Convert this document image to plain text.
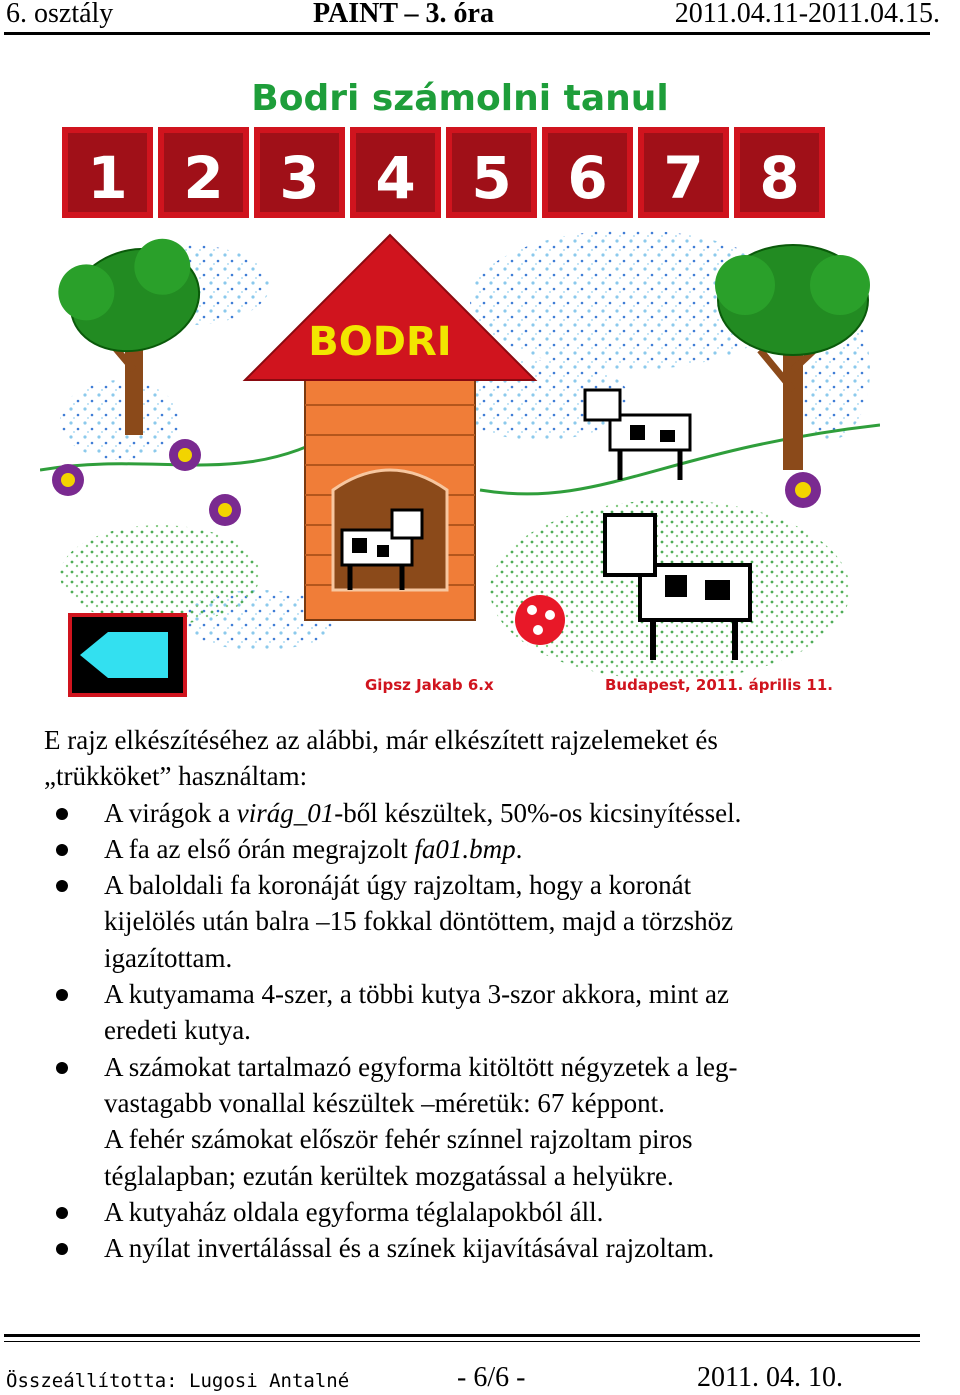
6. osztály	PAINT – 3. óra	2011.04.11-2011.04.15.
Bodri számolni tanul
1 2 3 4 5 6 7 8
BODRI
Gipsz Jakab 6.x	Budapest, 2011. április 11.

E rajz elkészítéséhez az alábbi, már elkészített rajzelemeket és

„trükköket” használtam:

A virágok a virág_01-ből készültek, 50%-os kicsinyítéssel.
A fa az első órán megrajzolt fa01.bmp.
A baloldali fa koronáját úgy rajzoltam, hogy a koronát
kijelölés után balra –15 fokkal döntöttem, majd a törzshöz
igazítottam.
A kutyamama 4-szer, a többi kutya 3-szor akkora, mint az
eredeti kutya.
A számokat tartalmazó egyforma kitöltött négyzetek a leg-
vastagabb vonallal készültek –méretük: 67 képpont.

A fehér számokat először fehér színnel rajzoltam piros

téglalapban; ezután kerültek mozgatással a helyükre.

A kutyaház oldala egyforma téglalapokból áll.
A nyílat invertálással és a színek kijavításával rajzoltam.
Összeállította: Lugosi Antalné	- 6/6 -	2011. 04. 10.
